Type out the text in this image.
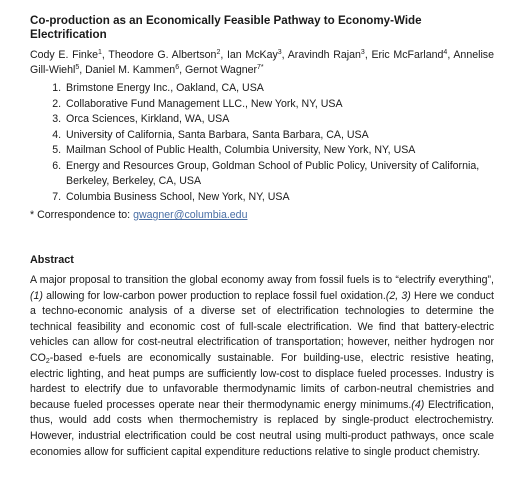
Co-production as an Economically Feasible Pathway to Economy-Wide Electrification
Cody E. Finke$^1$, Theodore G. Albertson$^2$, Ian McKay$^3$, Aravindh Rajan$^3$, Eric McFarland$^4$, Annelise Gill-Wiehl$^5$, Daniel M. Kammen$^6$, Gernot Wagner$^{7*}$
1. Brimstone Energy Inc., Oakland, CA, USA
2. Collaborative Fund Management LLC., New York, NY, USA
3. Orca Sciences, Kirkland, WA, USA
4. University of California, Santa Barbara, Santa Barbara, CA, USA
5. Mailman School of Public Health, Columbia University, New York, NY, USA
6. Energy and Resources Group, Goldman School of Public Policy, University of California, Berkeley, Berkeley, CA, USA
7. Columbia Business School, New York, NY, USA
* Correspondence to: gwagner@columbia.edu
Abstract
A major proposal to transition the global economy away from fossil fuels is to “electrify everything”,(1) allowing for low-carbon power production to replace fossil fuel oxidation.(2, 3) Here we conduct a techno-economic analysis of a diverse set of electrification technologies to determine the technical feasibility and economic cost of full-scale electrification. We find that battery-electric vehicles can allow for cost-neutral electrification of transportation; however, neither hydrogen nor $CO_2$-based e-fuels are economically sustainable. For building-use, electric resistive heating, electric lighting, and heat pumps are sufficiently low-cost to displace fueled processes. Industry is hardest to electrify due to unfavorable thermodynamic limits of carbon-neutral chemistries and because fueled processes operate near their thermodynamic energy minimums.(4) Electrification, thus, would add costs when thermochemistry is replaced by single-product electrochemistry. However, industrial electrification could be cost neutral using multi-product pathways, once scale economies allow for sufficient capital expenditure reductions relative to single product chemistry.
